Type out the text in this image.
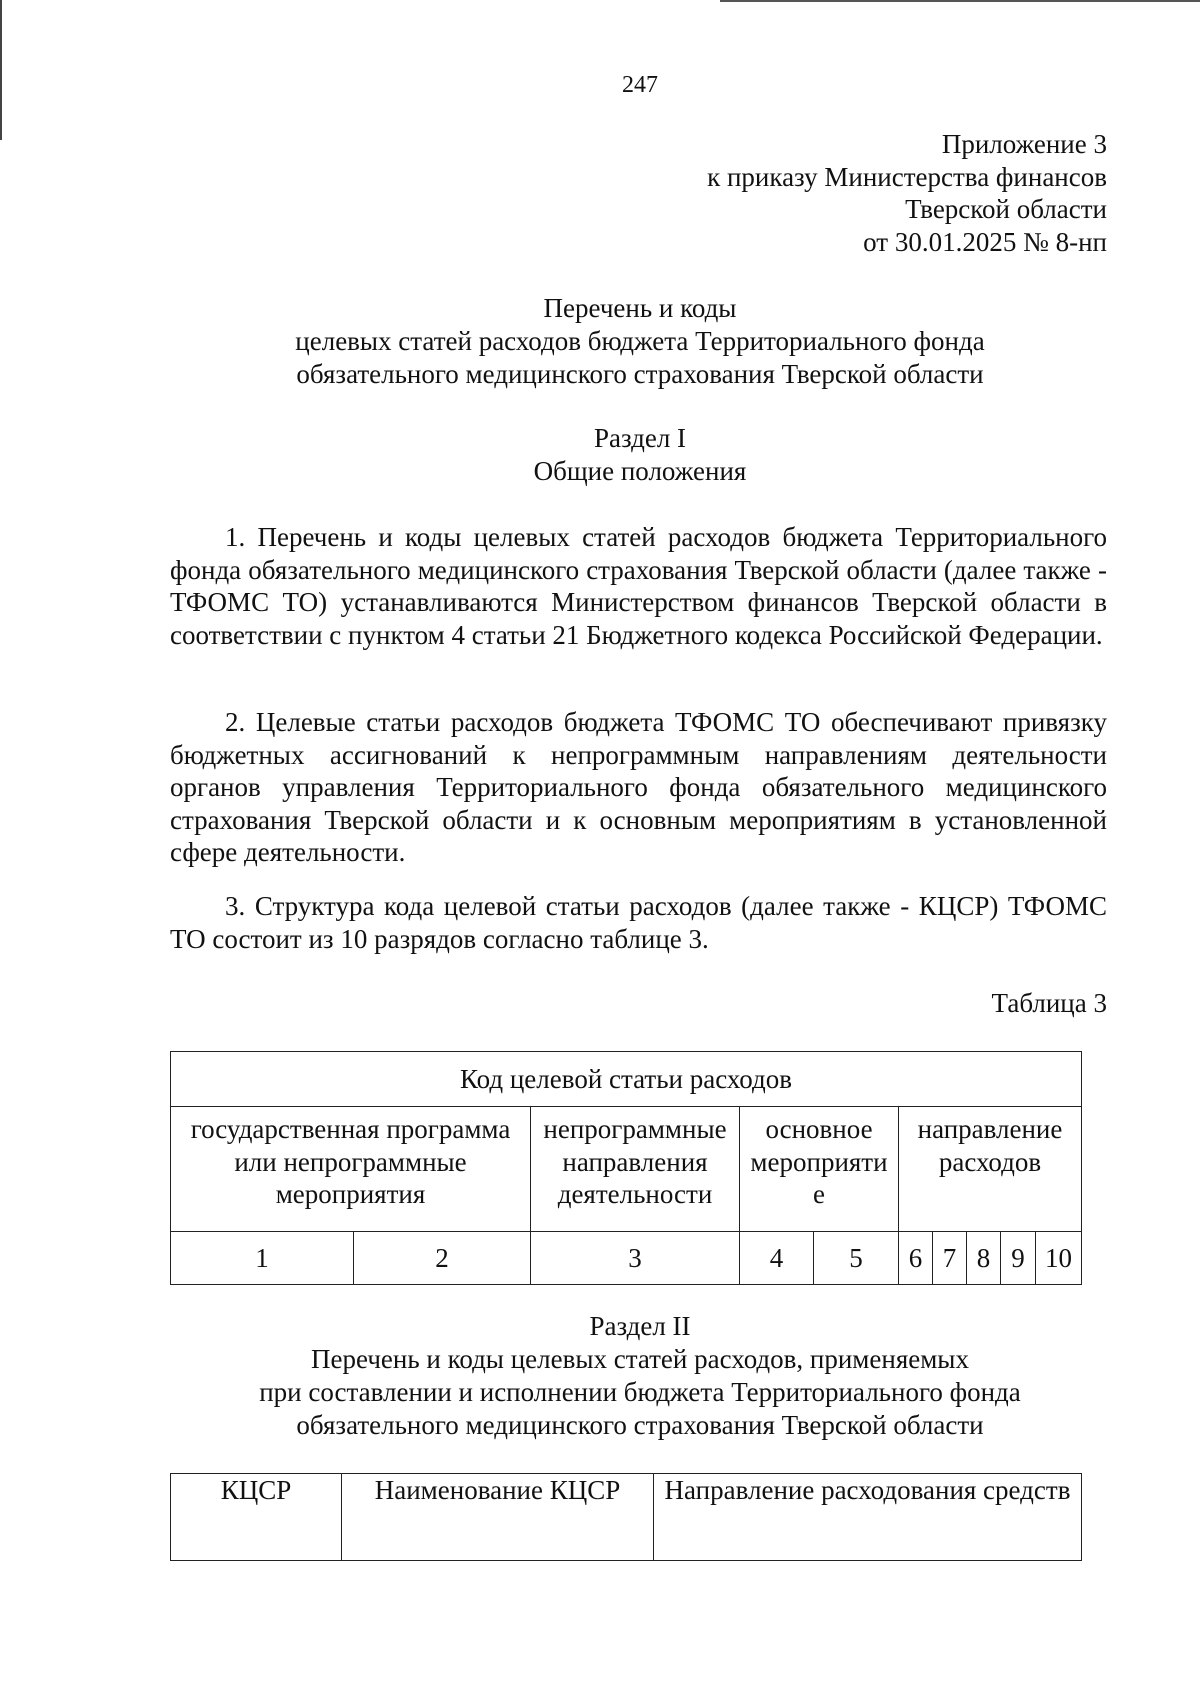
247
Приложение 3
к приказу Министерства финансов
Тверской области
от 30.01.2025 № 8-нп
Перечень и коды
целевых статей расходов бюджета Территориального фонда
обязательного медицинского страхования Тверской области
Раздел I
Общие положения

1. Перечень и коды целевых статей расходов бюджета Территориального фонда обязательного медицинского страхования Тверской области (далее также - ТФОМС ТО) устанавливаются Министерством финансов Тверской области в соответствии с пунктом 4 статьи 21 Бюджетного кодекса Российской Федерации.

2. Целевые статьи расходов бюджета ТФОМС ТО обеспечивают привязку бюджетных ассигнований к непрограммным направлениям деятельности органов управления Территориального фонда обязательного медицинского страхования Тверской области и к основным мероприятиям в установленной сфере деятельности.

3. Структура кода целевой статьи расходов (далее также - КЦСР) ТФОМС ТО состоит из 10 разрядов согласно таблице 3.

Таблица 3
Код целевой статьи расходов									
государственная программа или непрограммные мероприятия		непрограммные направления деятельности	основное мероприяти е		направление расходов				
1	2	3	4	5	6	7	8	9	10
Раздел II
Перечень и коды целевых статей расходов, применяемых
при составлении и исполнении бюджета Территориального фонда
обязательного медицинского страхования Тверской области
КЦСР	Наименование КЦСР	Направление расходования средств
